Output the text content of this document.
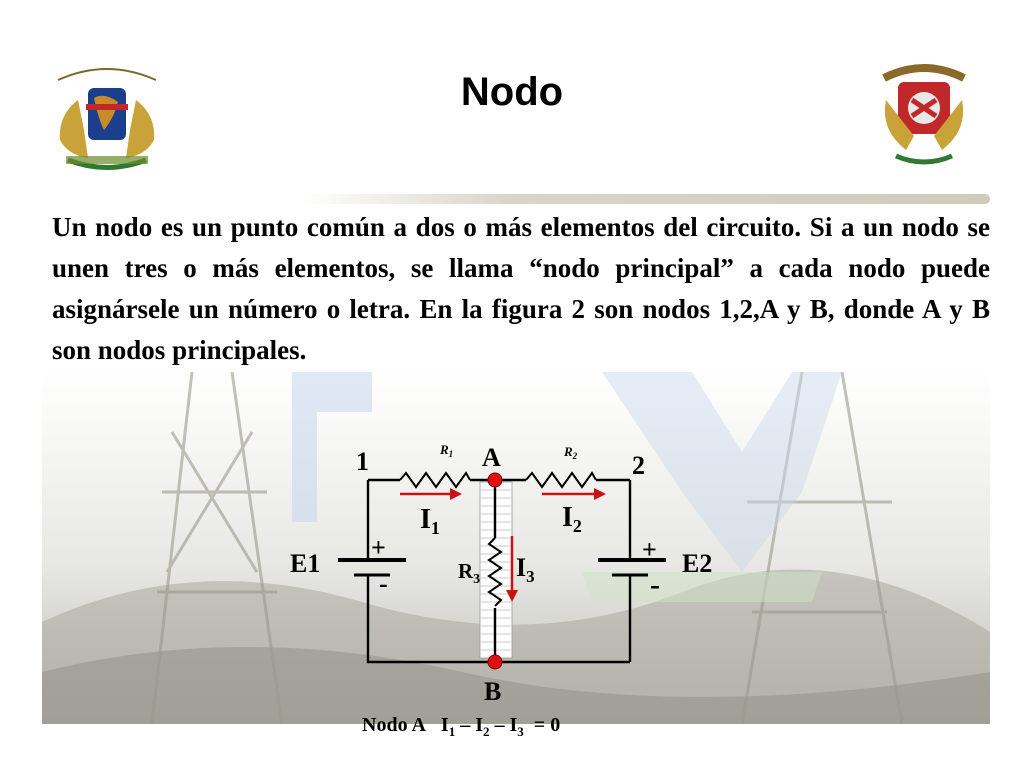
Nodo

Un nodo es un punto común a dos o más elementos del circuito. Si a un nodo se unen tres o más elementos, se llama “nodo principal” a cada nodo puede asignársele un número o letra. En la figura 2 son nodos 1,2,A y B, donde A y B son nodos principales.

1	2
A
B
$R_1$	$R_2$
$R_3$
$I_1$	$I_2$
$I_3$
E1	E2
+
-
+
-
Nodo A $I_1 - I_2 - I_3 = 0$
